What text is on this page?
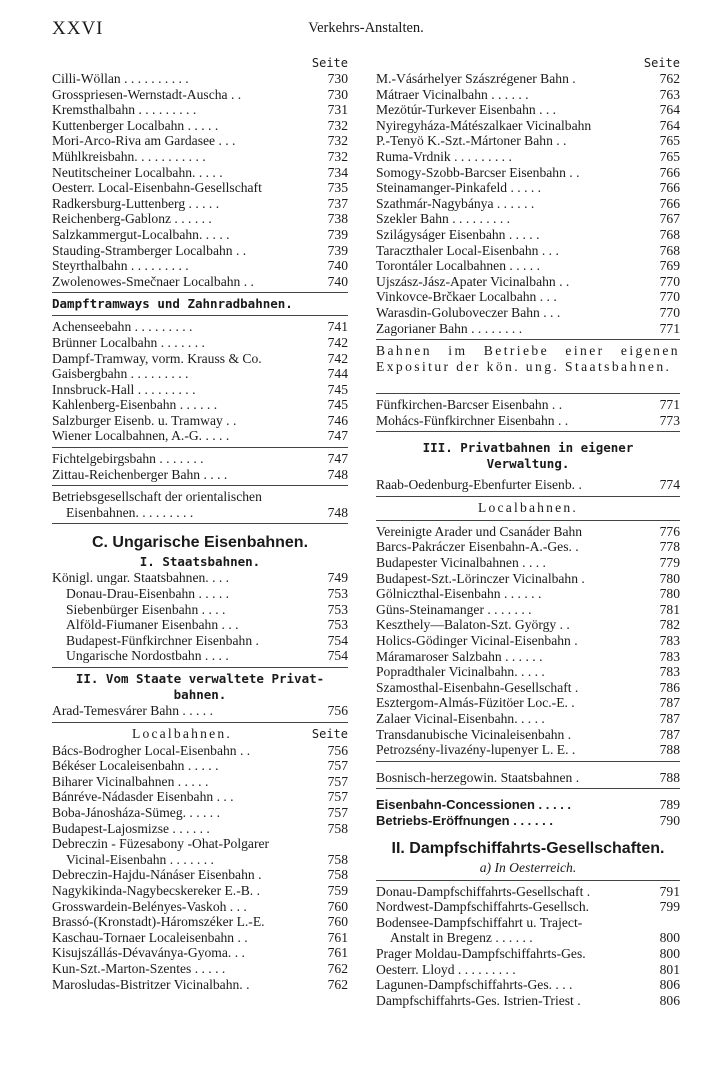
XXVI	Verkehrs-Anstalten.
Seite
Cilli-Wöllan . . . . . . . . . .	730
Grosspriesen-Wernstadt-Auscha . .	730
Kremsthalbahn . . . . . . . . .	731
Kuttenberger Localbahn . . . . .	732
Mori-Arco-Riva am Gardasee . . .	732
Mühlkreisbahn. . . . . . . . . . .	732
Neutitscheiner Localbahn. . . . .	734
Oesterr. Local-Eisenbahn-Gesellschaft	735
Radkersburg-Luttenberg . . . . .	737
Reichenberg-Gablonz . . . . . .	738
Salzkammergut-Localbahn. . . . .	739
Stauding-Stramberger Localbahn . .	739
Steyrthalbahn . . . . . . . . .	740
Zwolenowes-Smečnaer Localbahn . .	740
Dampftramways und Zahnradbahnen.
Achenseebahn . . . . . . . . .	741
Brünner Localbahn . . . . . . .	742
Dampf-Tramway, vorm. Krauss & Co.	742
Gaisbergbahn . . . . . . . . .	744
Innsbruck-Hall . . . . . . . . .	745
Kahlenberg-Eisenbahn . . . . . .	745
Salzburger Eisenb. u. Tramway . .	746
Wiener Localbahnen, A.-G. . . . .	747
Fichtelgebirgsbahn . . . . . . .	747
Zittau-Reichenberger Bahn . . . .	748
Betriebsgesellschaft der orientalischen
Eisenbahnen. . . . . . . . .	748
C. Ungarische Eisenbahnen.
I. Staatsbahnen.
Königl. ungar. Staatsbahnen. . . .	749
Donau-Drau-Eisenbahn . . . . .	753
Siebenbürger Eisenbahn . . . .	753
Alföld-Fiumaner Eisenbahn . . .	753
Budapest-Fünfkirchner Eisenbahn .	754
Ungarische Nordostbahn . . . .	754
II. Vom Staate verwaltete Privat-
bahnen.
Arad-Temesvárer Bahn . . . . .	756
Localbahnen.	Seite
Bács-Bodrogher Local-Eisenbahn . .	756
Békéser Localeisenbahn . . . . .	757
Biharer Vicinalbahnen . . . . .	757
Bánréve-Nádasder Eisenbahn . . .	757
Boba-Jánosháza-Sümeg. . . . . .	757
Budapest-Lajosmizse . . . . . .	758
Debreczin - Füzesabony -Ohat-Polgarer
Vicinal-Eisenbahn . . . . . . .	758
Debreczin-Hajdu-Nánáser Eisenbahn .	758
Nagykikinda-Nagybecskereker E.-B. .	759
Grosswardein-Belényes-Vaskoh . . .	760
Brassó-(Kronstadt)-Háromszéker L.-E.	760
Kaschau-Tornaer Localeisenbahn . .	761
Kisujszállás-Dévaványa-Gyoma. . .	761
Kun-Szt.-Marton-Szentes . . . . .	762
Marosludas-Bistritzer Vicinalbahn. .	762
Seite
M.-Vásárhelyer Szászrégener Bahn .	762
Mátraer Vicinalbahn . . . . . .	763
Mezötúr-Turkever Eisenbahn . . .	764
Nyiregyháza-Mátészalkaer Vicinalbahn	764
P.-Tenyö K.-Szt.-Mártoner Bahn . .	765
Ruma-Vrdnik . . . . . . . . .	765
Somogy-Szobb-Barcser Eisenbahn . .	766
Steinamanger-Pinkafeld . . . . .	766
Szathmár-Nagybánya . . . . . .	766
Szekler Bahn . . . . . . . . .	767
Szilágyságer Eisenbahn . . . . .	768
Taraczthaler Local-Eisenbahn . . .	768
Torontáler Localbahnen . . . . .	769
Ujszász-Jász-Apater Vicinalbahn . .	770
Vinkovce-Brčkaer Localbahn . . .	770
Warasdin-Goluboveczer Bahn . . .	770
Zagorianer Bahn . . . . . . . .	771
Bahnen im Betriebe einer eigenen Expositur der kön. ung. Staatsbahnen.
Fünfkirchen-Barcser Eisenbahn . .	771
Mohács-Fünfkirchner Eisenbahn . .	773
III. Privatbahnen in eigener
Verwaltung.
Raab-Oedenburg-Ebenfurter Eisenb. .	774
Localbahnen.
Vereinigte Arader und Csanáder Bahn	776
Barcs-Pakráczer Eisenbahn-A.-Ges. .	778
Budapester Vicinalbahnen . . . .	779
Budapest-Szt.-Lörinczer Vicinalbahn .	780
Gölniczthal-Eisenbahn . . . . . .	780
Güns-Steinamanger . . . . . . .	781
Keszthely—Balaton-Szt. György . .	782
Holics-Gödinger Vicinal-Eisenbahn .	783
Máramaroser Salzbahn . . . . . .	783
Popradthaler Vicinalbahn. . . . .	783
Szamosthal-Eisenbahn-Gesellschaft .	786
Esztergom-Almás-Füzitöer Loc.-E. .	787
Zalaer Vicinal-Eisenbahn. . . . .	787
Transdanubische Vicinaleisenbahn .	787
Petrozsény-livazény-lupenyer L. E. .	788
Bosnisch-herzegowin. Staatsbahnen .	788
Eisenbahn-Concessionen . . . . .	789
Betriebs-Eröffnungen . . . . . .	790
II. Dampfschiffahrts-Gesellschaften.
a) In Oesterreich.
Donau-Dampfschiffahrts-Gesellschaft .	791
Nordwest-Dampfschiffahrts-Gesellsch.	799
Bodensee-Dampfschiffahrt u. Traject-
Anstalt in Bregenz . . . . . .	800
Prager Moldau-Dampfschiffahrts-Ges.	800
Oesterr. Lloyd . . . . . . . . .	801
Lagunen-Dampfschiffahrts-Ges. . . .	806
Dampfschiffahrts-Ges. Istrien-Triest .	806
